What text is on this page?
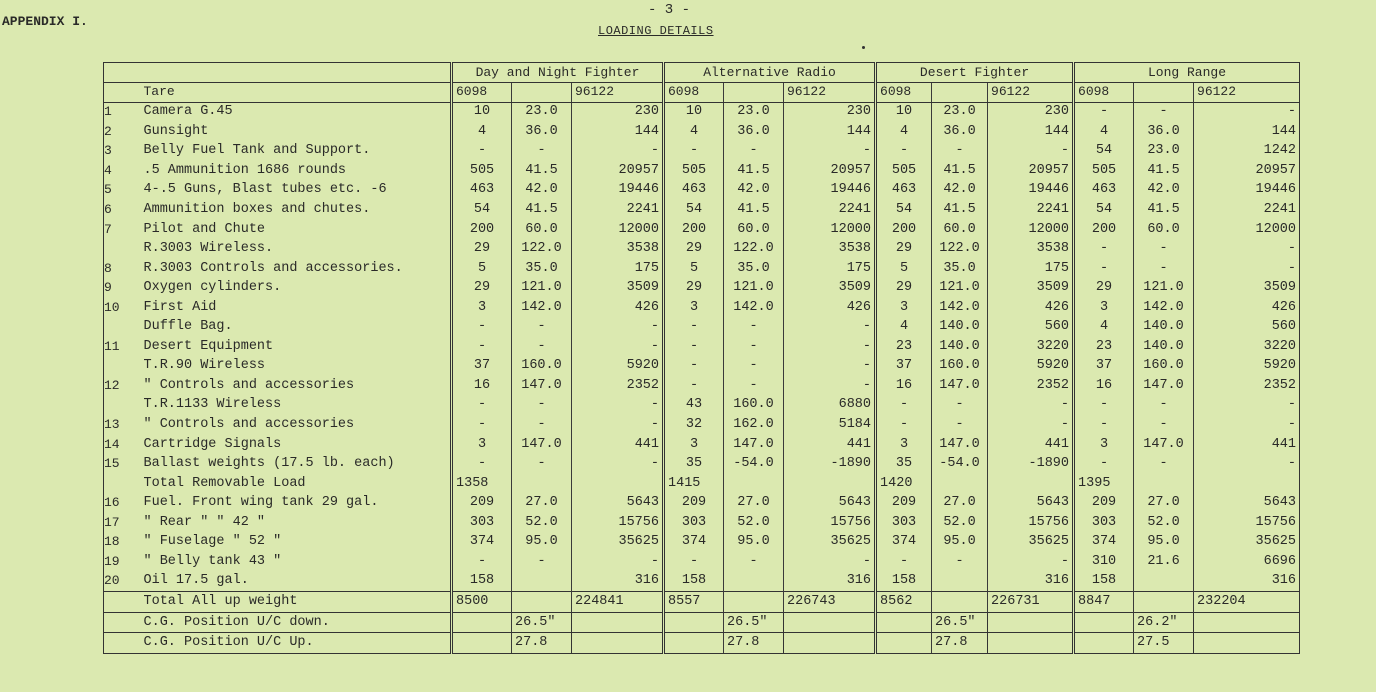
APPENDIX I.
- 3 -
LOADING DETAILS
		Day and Night Fighter			Alternative Radio			Desert Fighter			Long Range		
	Tare	6098		96122	6098		96122	6098		96122	6098		96122
1	Camera G.45	10	23.0	230	10	23.0	230	10	23.0	230	-	-	-
2	Gunsight	4	36.0	144	4	36.0	144	4	36.0	144	4	36.0	144
3	Belly Fuel Tank and Support.	-	-	-	-	-	-	-	-	-	54	23.0	1242
4	.5 Ammunition 1686 rounds	505	41.5	20957	505	41.5	20957	505	41.5	20957	505	41.5	20957
5	4-.5 Guns, Blast tubes etc. -6	463	42.0	19446	463	42.0	19446	463	42.0	19446	463	42.0	19446
6	Ammunition boxes and chutes.	54	41.5	2241	54	41.5	2241	54	41.5	2241	54	41.5	2241
7	Pilot and Chute	200	60.0	12000	200	60.0	12000	200	60.0	12000	200	60.0	12000
	R.3003 Wireless.	29	122.0	3538	29	122.0	3538	29	122.0	3538	-	-	-
8	R.3003 Controls and accessories.	5	35.0	175	5	35.0	175	5	35.0	175	-	-	-
9	Oxygen cylinders.	29	121.0	3509	29	121.0	3509	29	121.0	3509	29	121.0	3509
10	First Aid	3	142.0	426	3	142.0	426	3	142.0	426	3	142.0	426
	Duffle Bag.	-	-	-	-	-	-	4	140.0	560	4	140.0	560
11	Desert Equipment	-	-	-	-	-	-	23	140.0	3220	23	140.0	3220
	T.R.90 Wireless	37	160.0	5920	-	-	-	37	160.0	5920	37	160.0	5920
12	" Controls and accessories	16	147.0	2352	-	-	-	16	147.0	2352	16	147.0	2352
	T.R.1133 Wireless	-	-	-	43	160.0	6880	-	-	-	-	-	-
13	" Controls and accessories	-	-	-	32	162.0	5184	-	-	-	-	-	-
14	Cartridge Signals	3	147.0	441	3	147.0	441	3	147.0	441	3	147.0	441
15	Ballast weights (17.5 lb. each)	-	-	-	35	-54.0	-1890	35	-54.0	-1890	-	-	-
	Total Removable Load	1358			1415			1420			1395		
16	Fuel. Front wing tank 29 gal.	209	27.0	5643	209	27.0	5643	209	27.0	5643	209	27.0	5643
17	" Rear " " 42 "	303	52.0	15756	303	52.0	15756	303	52.0	15756	303	52.0	15756
18	" Fuselage " 52 "	374	95.0	35625	374	95.0	35625	374	95.0	35625	374	95.0	35625
19	" Belly tank 43 "	-	-	-	-	-	-	-	-	-	310	21.6	6696
20	Oil 17.5 gal.	158		316	158		316	158		316	158		316
	Total All up weight	8500		224841	8557		226743	8562		226731	8847		232204
	C.G. Position U/C down.		26.5"			26.5"			26.5"			26.2"	
	C.G. Position U/C Up.		27.8			27.8			27.8			27.5	
